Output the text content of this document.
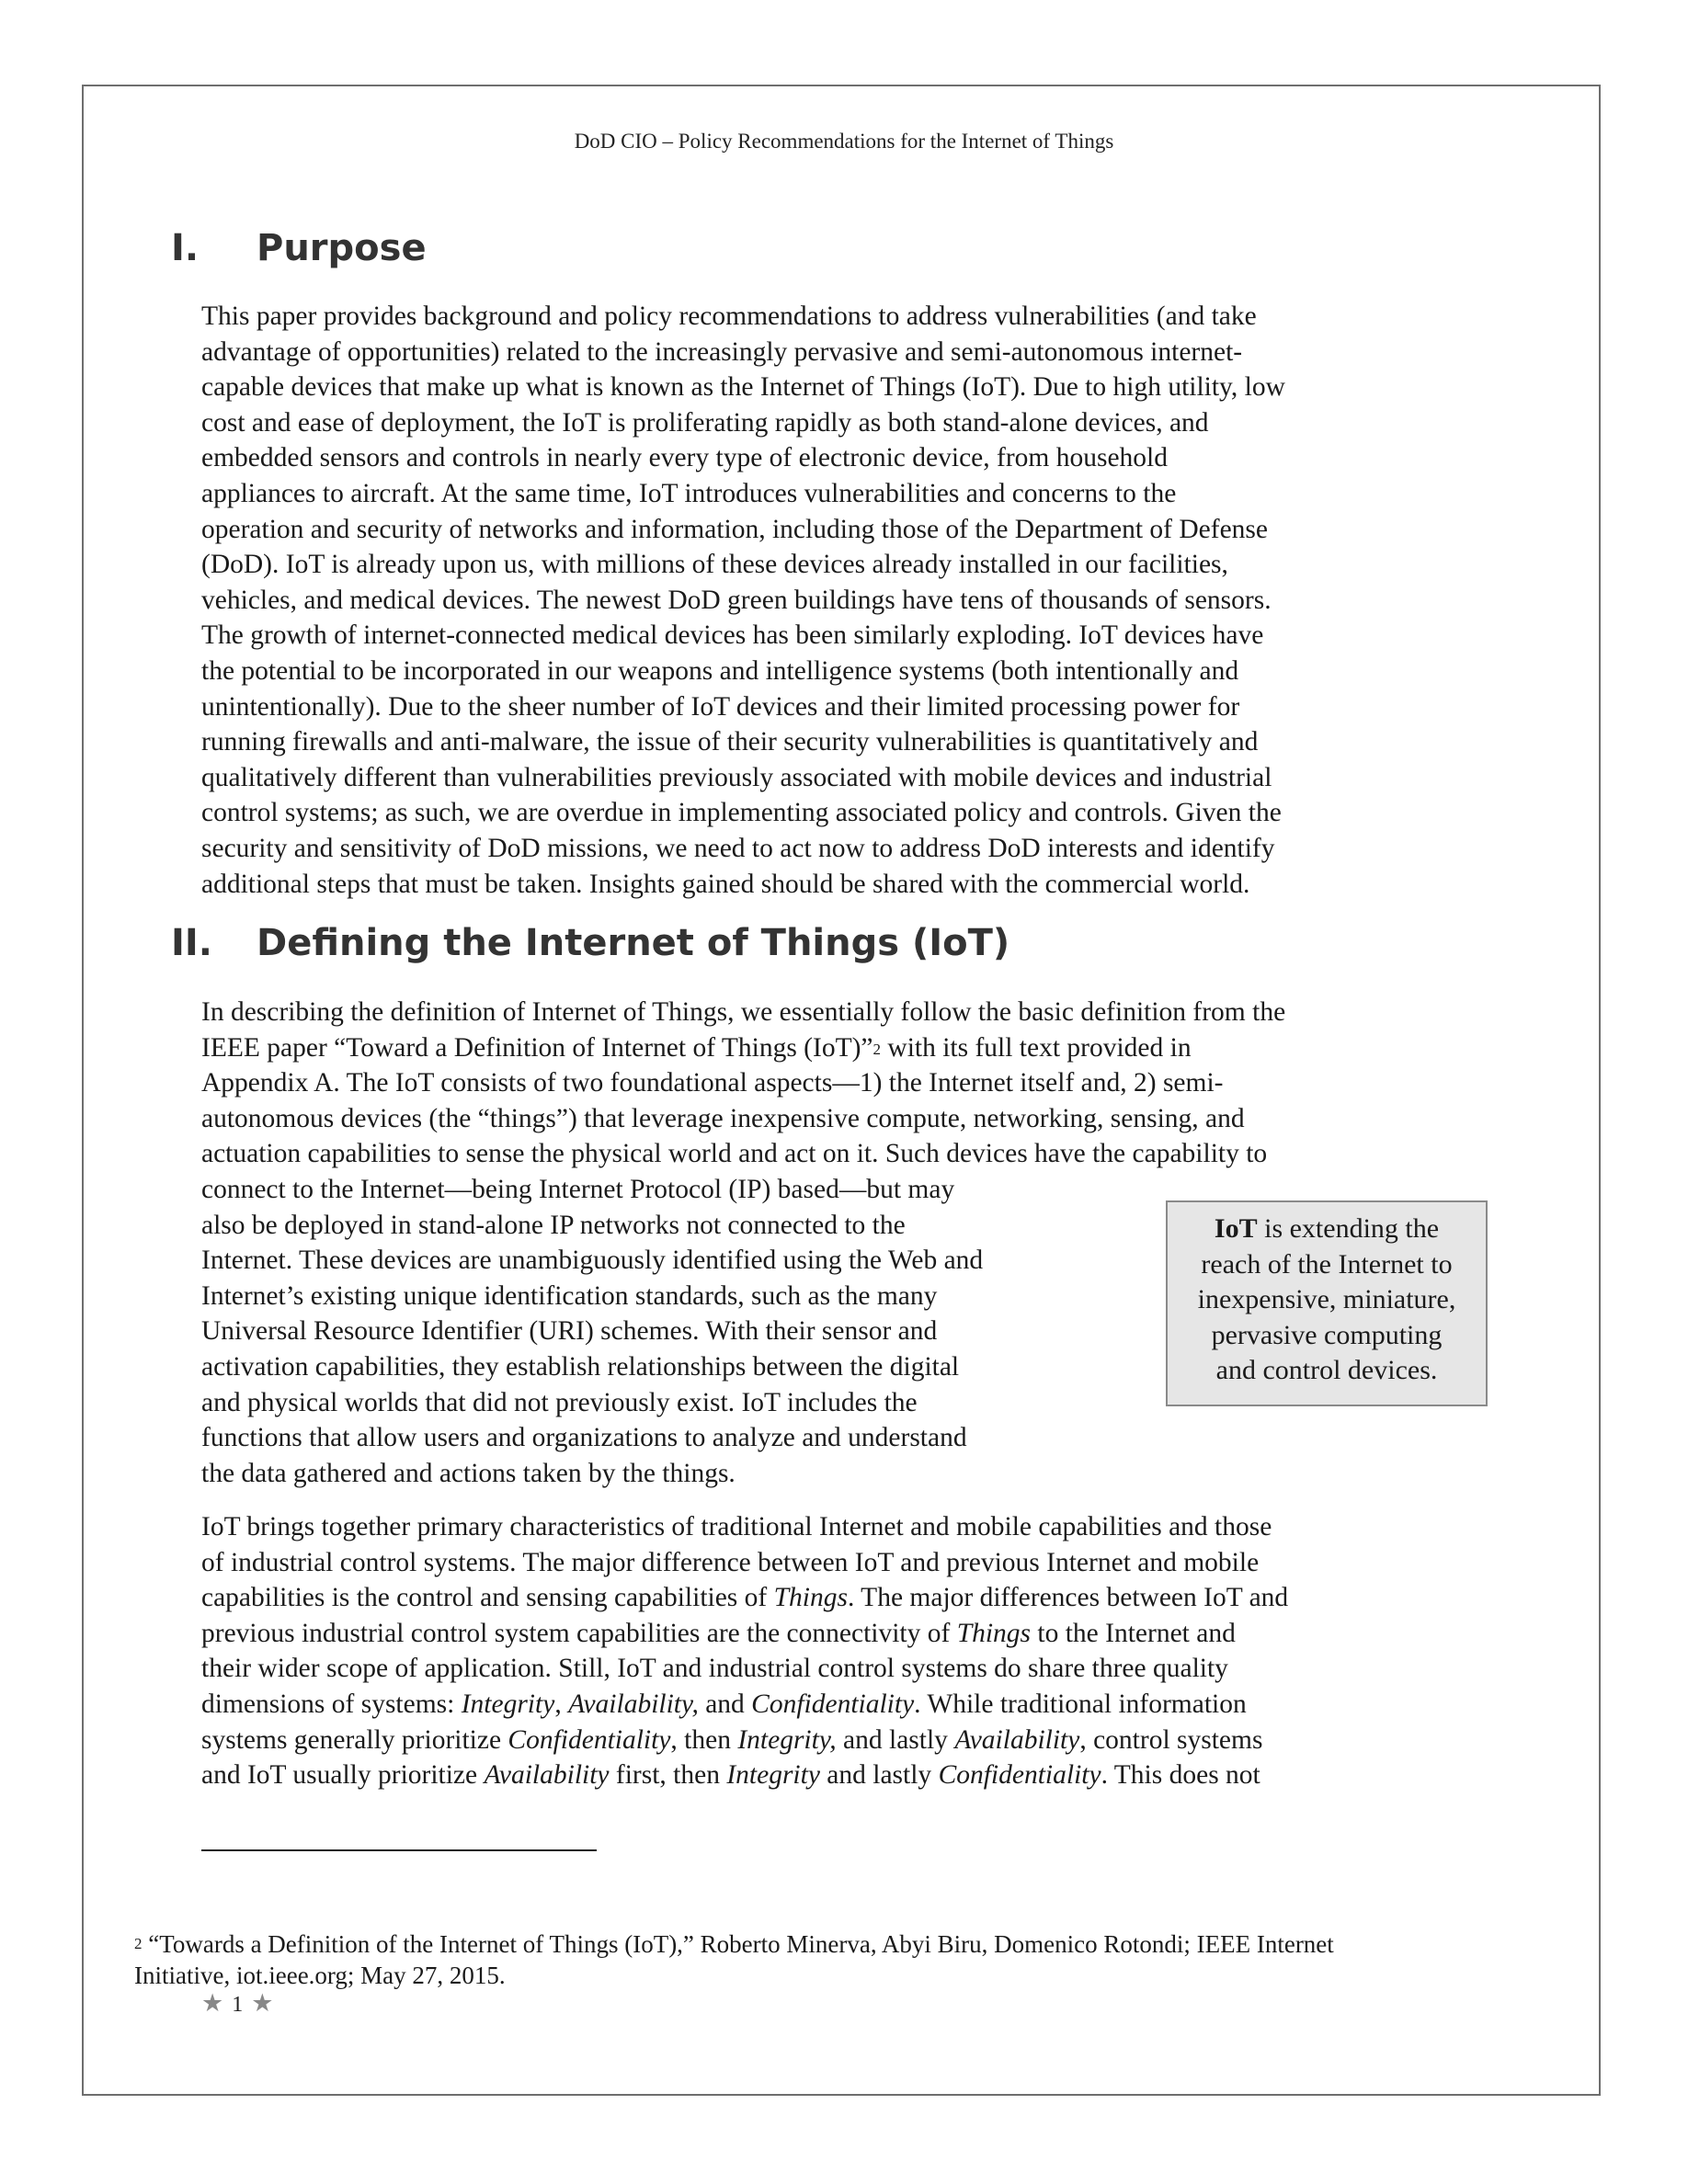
DoD CIO – Policy Recommendations for the Internet of Things
I. Purpose
This paper provides background and policy recommendations to address vulnerabilities (and take
advantage of opportunities) related to the increasingly pervasive and semi-autonomous internet-
capable devices that make up what is known as the Internet of Things (IoT). Due to high utility, low
cost and ease of deployment, the IoT is proliferating rapidly as both stand-alone devices, and
embedded sensors and controls in nearly every type of electronic device, from household
appliances to aircraft. At the same time, IoT introduces vulnerabilities and concerns to the
operation and security of networks and information, including those of the Department of Defense
(DoD). IoT is already upon us, with millions of these devices already installed in our facilities,
vehicles, and medical devices. The newest DoD green buildings have tens of thousands of sensors.
The growth of internet-connected medical devices has been similarly exploding. IoT devices have
the potential to be incorporated in our weapons and intelligence systems (both intentionally and
unintentionally). Due to the sheer number of IoT devices and their limited processing power for
running firewalls and anti-malware, the issue of their security vulnerabilities is quantitatively and
qualitatively different than vulnerabilities previously associated with mobile devices and industrial
control systems; as such, we are overdue in implementing associated policy and controls. Given the
security and sensitivity of DoD missions, we need to act now to address DoD interests and identify
additional steps that must be taken. Insights gained should be shared with the commercial world.
II. Defining the Internet of Things (IoT)
In describing the definition of Internet of Things, we essentially follow the basic definition from the
IEEE paper “Toward a Definition of Internet of Things (IoT)”$^2$ with its full text provided in
Appendix A. The IoT consists of two foundational aspects—1) the Internet itself and, 2) semi-
autonomous devices (the “things”) that leverage inexpensive compute, networking, sensing, and
actuation capabilities to sense the physical world and act on it. Such devices have the capability to
connect to the Internet—being Internet Protocol (IP) based—but may
also be deployed in stand-alone IP networks not connected to the
Internet. These devices are unambiguously identified using the Web and
Internet’s existing unique identification standards, such as the many
Universal Resource Identifier (URI) schemes. With their sensor and
activation capabilities, they establish relationships between the digital
and physical worlds that did not previously exist. IoT includes the
functions that allow users and organizations to analyze and understand
the data gathered and actions taken by the things.
IoT is extending the
reach of the Internet to
inexpensive, miniature,
pervasive computing
and control devices.
IoT brings together primary characteristics of traditional Internet and mobile capabilities and those
of industrial control systems. The major difference between IoT and previous Internet and mobile
capabilities is the control and sensing capabilities of Things. The major differences between IoT and
previous industrial control system capabilities are the connectivity of Things to the Internet and
their wider scope of application. Still, IoT and industrial control systems do share three quality
dimensions of systems: Integrity, Availability, and Confidentiality. While traditional information
systems generally prioritize Confidentiality, then Integrity, and lastly Availability, control systems
and IoT usually prioritize Availability first, then Integrity and lastly Confidentiality. This does not
$^2$ “Towards a Definition of the Internet of Things (IoT),” Roberto Minerva, Abyi Biru, Domenico Rotondi; IEEE Internet
Initiative, iot.ieee.org; May 27, 2015.
★ 1 ★
